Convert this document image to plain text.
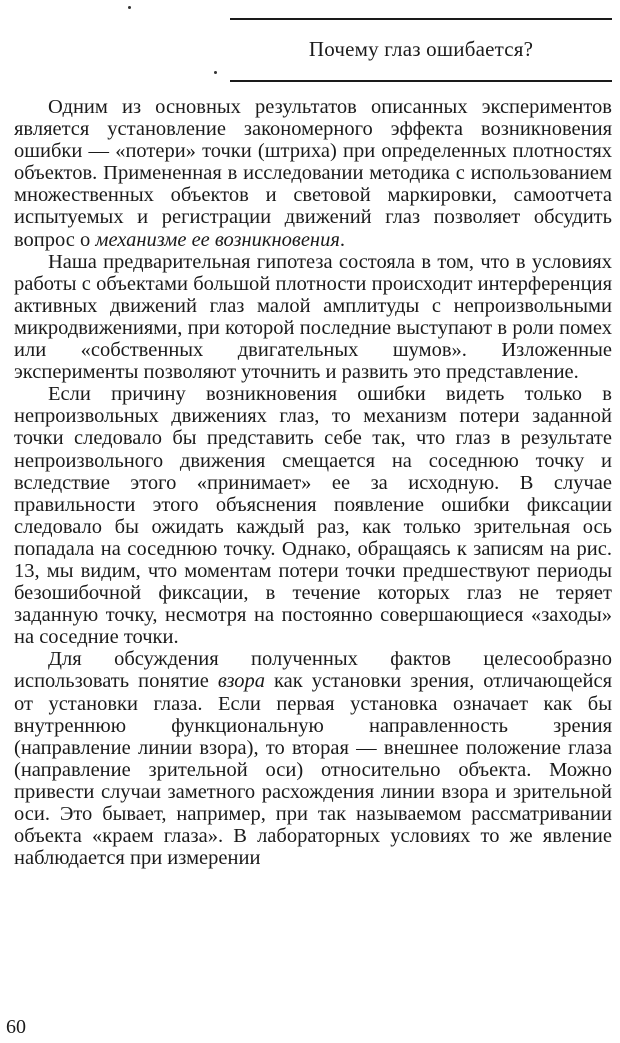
Почему глаз ошибается?

Одним из основных результатов описанных экспериментов является установление закономерного эффекта возникновения ошибки — «потери» точки (штриха) при определенных плотностях объектов. Примененная в исследовании методика с использованием множественных объектов и световой маркировки, самоотчета испытуемых и регистрации движений глаз позволяет обсудить вопрос о механизме ее возникновения.

Наша предварительная гипотеза состояла в том, что в условиях работы с объектами большой плотности происходит интерференция активных движений глаз малой амплитуды с непроизвольными микродвижениями, при которой последние выступают в роли помех или «собственных двигательных шумов». Изложенные эксперименты позволяют уточнить и развить это представление.

Если причину возникновения ошибки видеть только в непроизвольных движениях глаз, то механизм потери заданной точки следовало бы представить себе так, что глаз в результате непроизвольного движения смещается на соседнюю точку и вследствие этого «принимает» ее за исходную. В случае правильности этого объяснения появление ошибки фиксации следовало бы ожидать каждый раз, как только зрительная ось попадала на соседнюю точку. Однако, обращаясь к записям на рис. 13, мы видим, что моментам потери точки предшествуют периоды безошибочной фиксации, в течение которых глаз не теряет заданную точку, несмотря на постоянно совершающиеся «заходы» на соседние точки.

Для обсуждения полученных фактов целесообразно использовать понятие взора как установки зрения, отличающейся от установки глаза. Если первая установка означает как бы внутреннюю функциональную направленность зрения (направление линии взора), то вторая — внешнее положение глаза (направление зрительной оси) относительно объекта. Можно привести случаи заметного расхождения линии взора и зрительной оси. Это бывает, например, при так называемом рассматривании объекта «краем глаза». В лабораторных условиях то же явление наблюдается при измерении

60
